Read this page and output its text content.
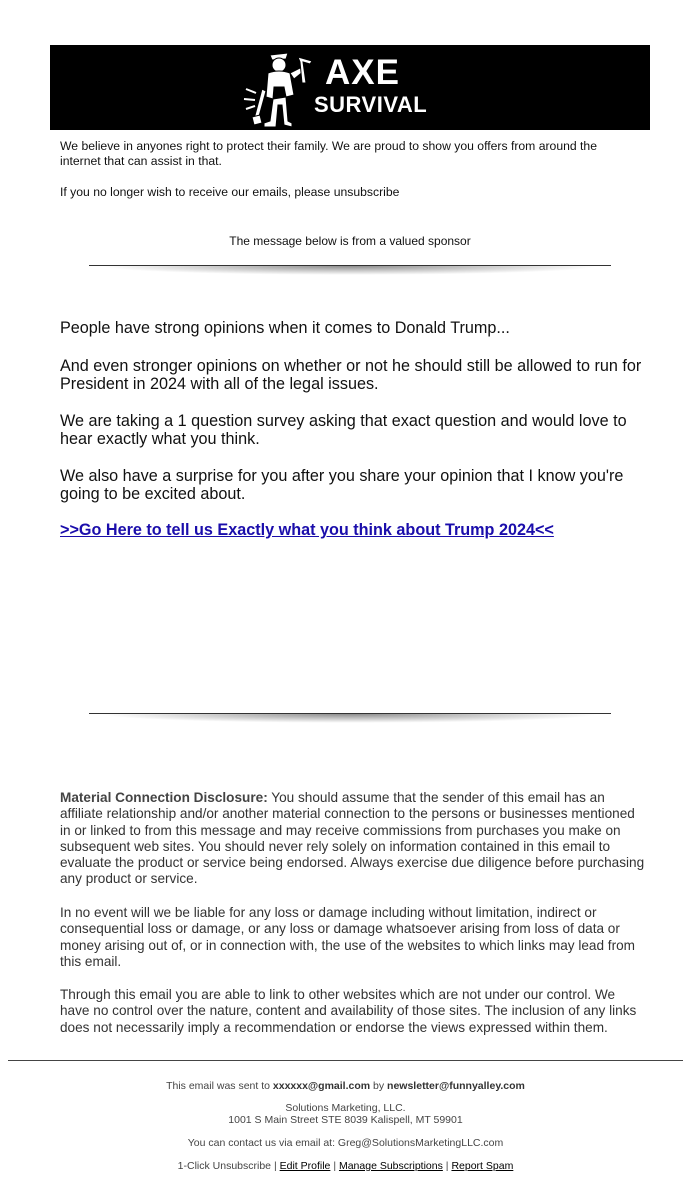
AXE
SURVIVAL
We believe in anyones right to protect their family. We are proud to show you offers from around the internet that can assist in that.
If you no longer wish to receive our emails, please unsubscribe
The message below is from a valued sponsor
People have strong opinions when it comes to Donald Trump...
And even stronger opinions on whether or not he should still be allowed to run for President in 2024 with all of the legal issues.
We are taking a 1 question survey asking that exact question and would love to hear exactly what you think.
We also have a surprise for you after you share your opinion that I know you're going to be excited about.
>>Go Here to tell us Exactly what you think about Trump 2024<<
Material Connection Disclosure: You should assume that the sender of this email has an affiliate relationship and/or another material connection to the persons or businesses mentioned in or linked to from this message and may receive commissions from purchases you make on subsequent web sites. You should never rely solely on information contained in this email to evaluate the product or service being endorsed. Always exercise due diligence before purchasing any product or service.
In no event will we be liable for any loss or damage including without limitation, indirect or consequential loss or damage, or any loss or damage whatsoever arising from loss of data or money arising out of, or in connection with, the use of the websites to which links may lead from this email.
Through this email you are able to link to other websites which are not under our control. We have no control over the nature, content and availability of those sites. The inclusion of any links does not necessarily imply a recommendation or endorse the views expressed within them.
This email was sent to xxxxxx@gmail.com by newsletter@funnyalley.com
Solutions Marketing, LLC.
1001 S Main Street STE 8039 Kalispell, MT 59901
You can contact us via email at: Greg@SolutionsMarketingLLC.com
1-Click Unsubscribe | Edit Profile | Manage Subscriptions | Report Spam
